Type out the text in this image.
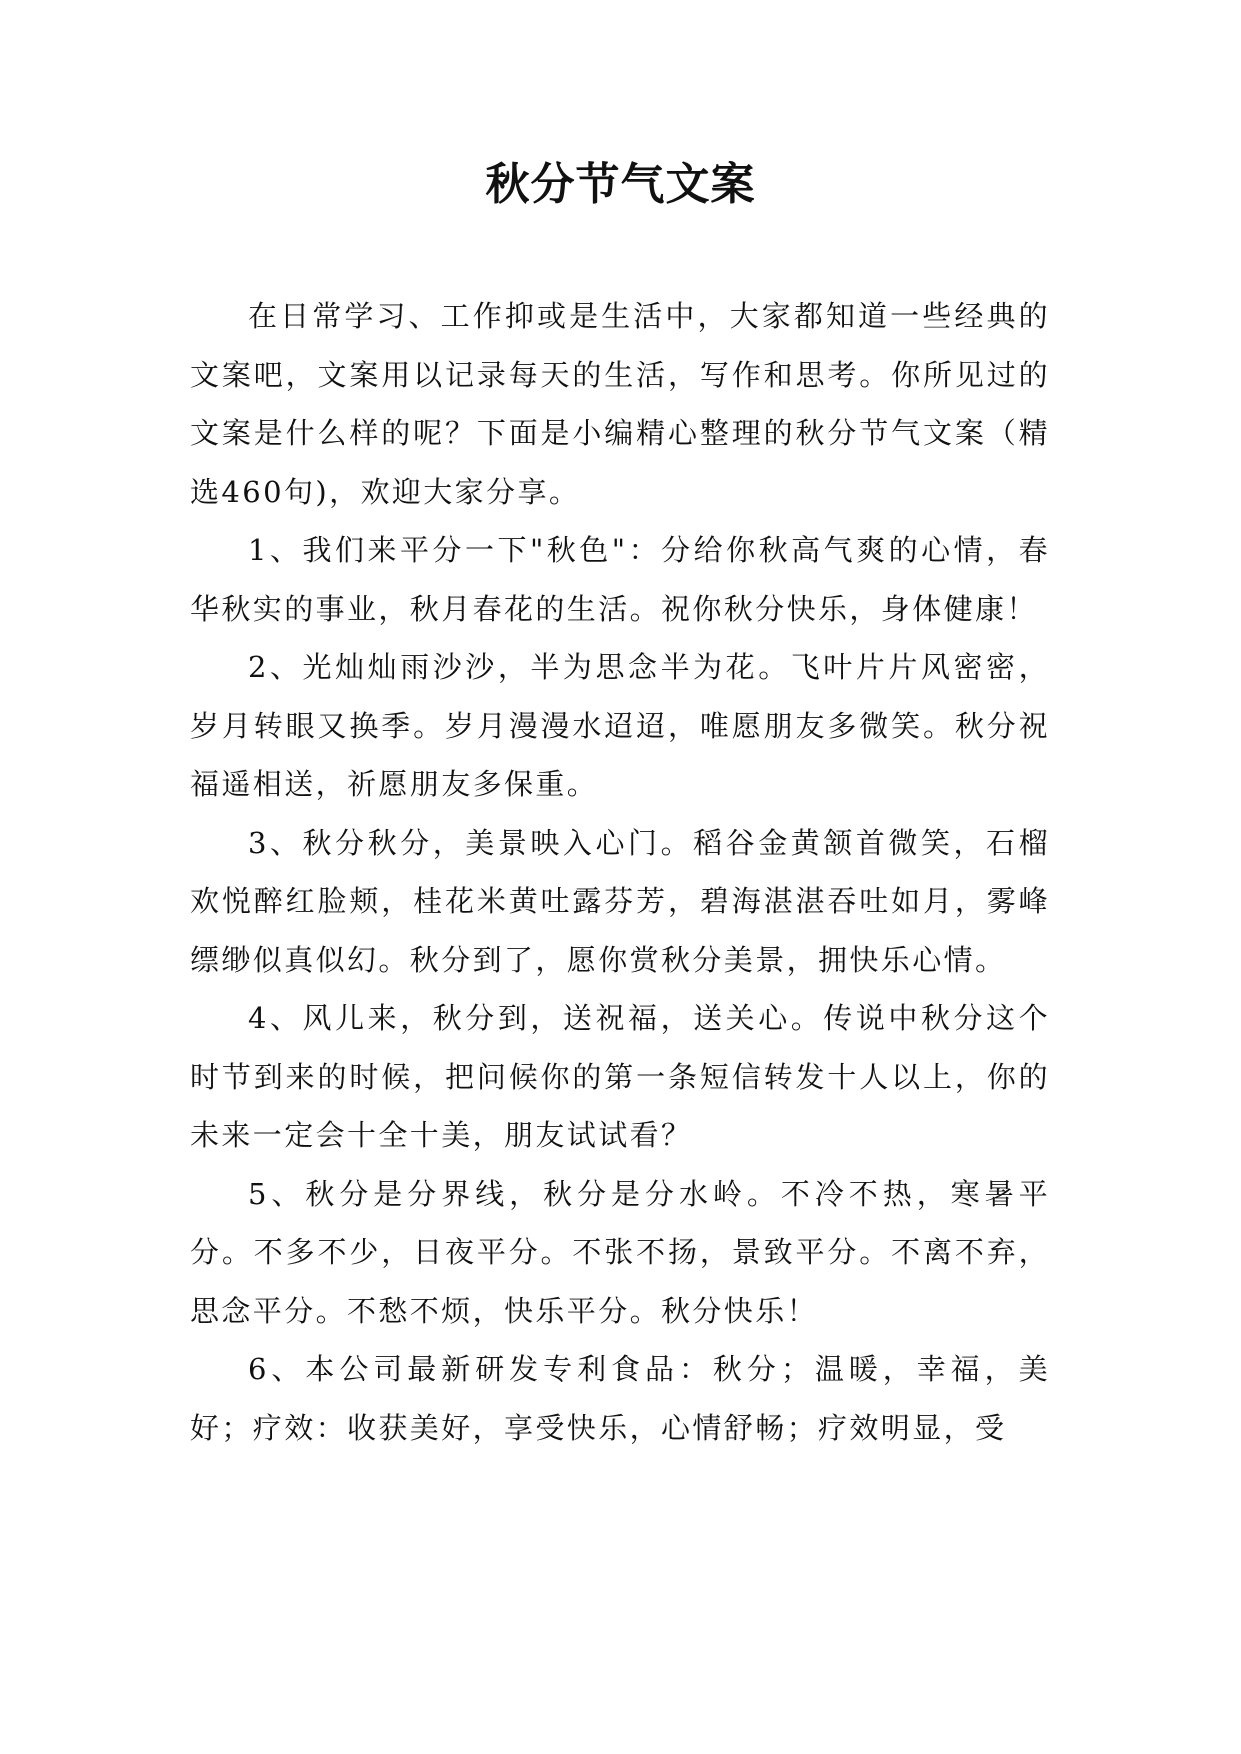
秋分节气文案

在日常学习、工作抑或是生活中，大家都知道一些经典的文案吧，文案用以记录每天的生活，写作和思考。你所见过的文案是什么样的呢？下面是小编精心整理的秋分节气文案（精选460句)，欢迎大家分享。

1、我们来平分一下"秋色"：分给你秋高气爽的心情，春华秋实的事业，秋月春花的生活。祝你秋分快乐，身体健康！

2、光灿灿雨沙沙，半为思念半为花。飞叶片片风密密，岁月转眼又换季。岁月漫漫水迢迢，唯愿朋友多微笑。秋分祝福遥相送，祈愿朋友多保重。

3、秋分秋分，美景映入心门。稻谷金黄颔首微笑，石榴欢悦醉红脸颊，桂花米黄吐露芬芳，碧海湛湛吞吐如月，雾峰缥缈似真似幻。秋分到了，愿你赏秋分美景，拥快乐心情。

4、风儿来，秋分到，送祝福，送关心。传说中秋分这个时节到来的时候，把问候你的第一条短信转发十人以上，你的未来一定会十全十美，朋友试试看？

5、秋分是分界线，秋分是分水岭。不冷不热，寒暑平分。不多不少，日夜平分。不张不扬，景致平分。不离不弃，思念平分。不愁不烦，快乐平分。秋分快乐！

6、本公司最新研发专利食品：秋分；温暖，幸福，美好；疗效：收获美好，享受快乐，心情舒畅；疗效明显，受
